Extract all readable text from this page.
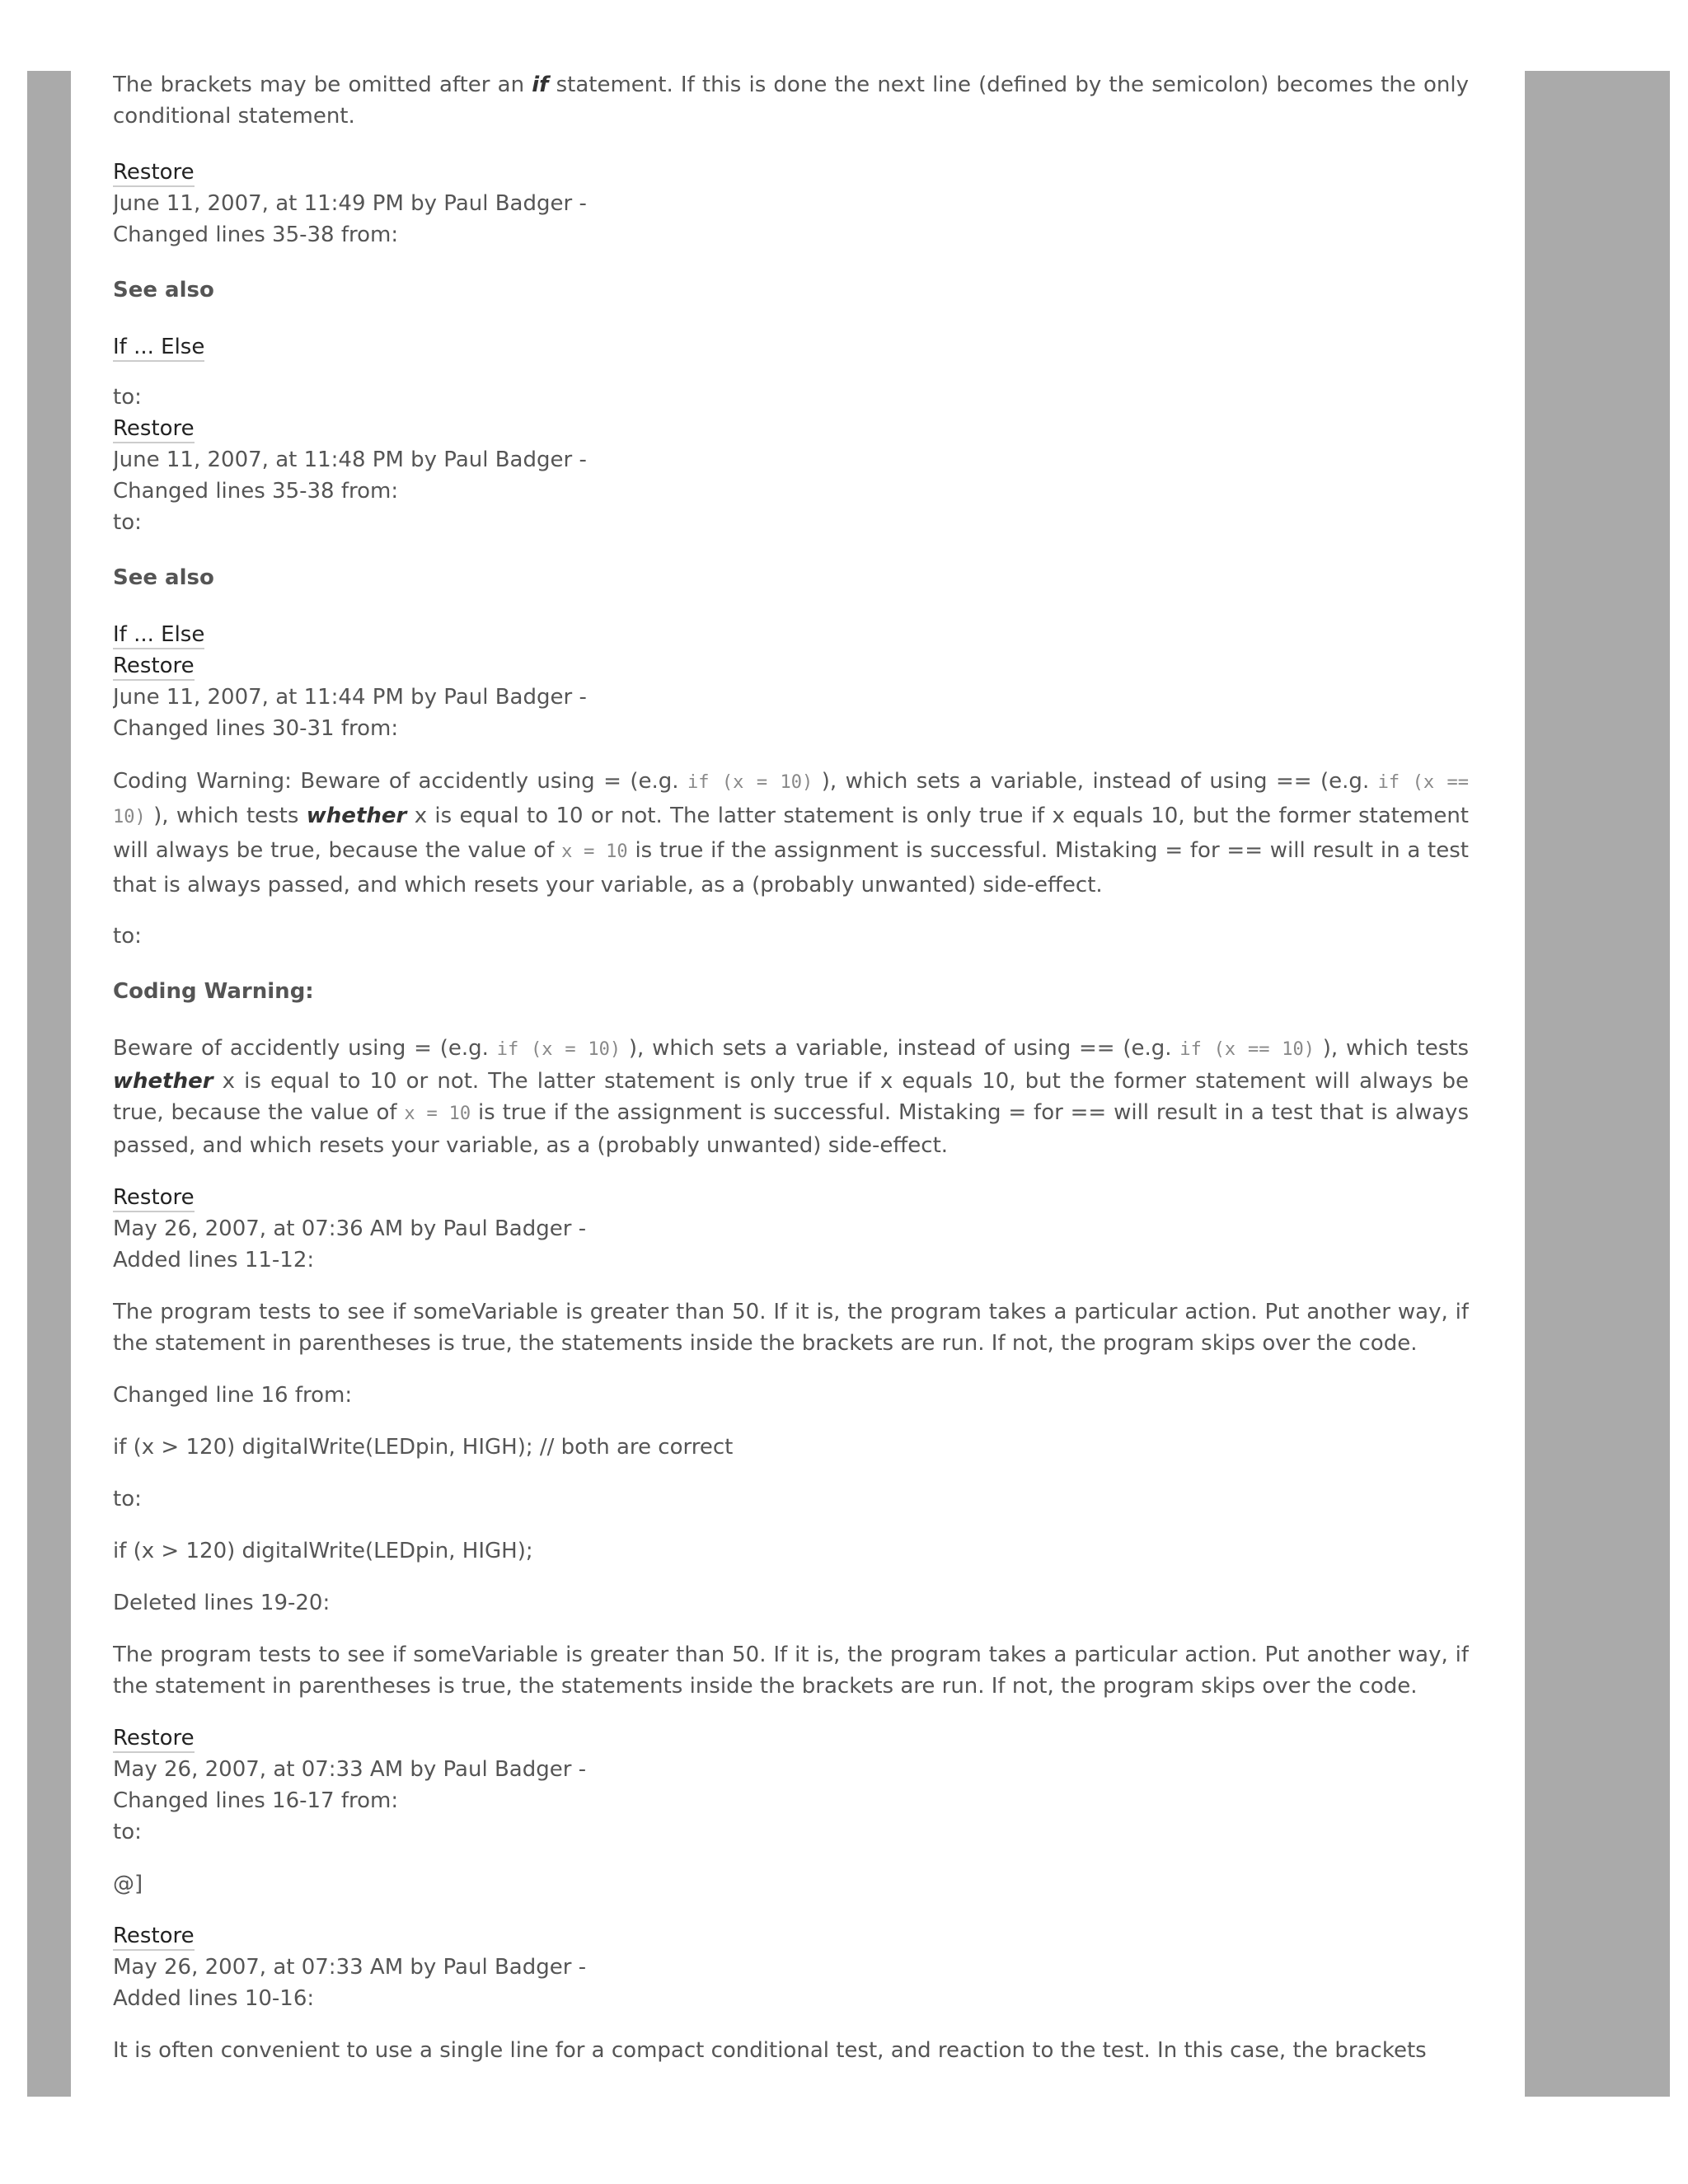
The brackets may be omitted after an if statement. If this is done the next line (defined by the semicolon) becomes the only conditional statement.

Restore
June 11, 2007, at 11:49 PM by Paul Badger -
Changed lines 35-38 from:
See also
If ... Else
to:
Restore
June 11, 2007, at 11:48 PM by Paul Badger -
Changed lines 35-38 from:
to:
See also
If ... Else
Restore
June 11, 2007, at 11:44 PM by Paul Badger -
Changed lines 30-31 from:

Coding Warning: Beware of accidently using = (e.g. if (x = 10) ), which sets a variable, instead of using == (e.g. if (x == 10) ), which tests whether x is equal to 10 or not. The latter statement is only true if x equals 10, but the former statement will always be true, because the value of x = 10 is true if the assignment is successful. Mistaking = for == will result in a test that is always passed, and which resets your variable, as a (probably unwanted) side-effect.

to:
Coding Warning:

Beware of accidently using = (e.g. if (x = 10) ), which sets a variable, instead of using == (e.g. if (x == 10) ), which tests whether x is equal to 10 or not. The latter statement is only true if x equals 10, but the former statement will always be true, because the value of x = 10 is true if the assignment is successful. Mistaking = for == will result in a test that is always passed, and which resets your variable, as a (probably unwanted) side-effect.

Restore
May 26, 2007, at 07:36 AM by Paul Badger -
Added lines 11-12:

The program tests to see if someVariable is greater than 50. If it is, the program takes a particular action. Put another way, if the statement in parentheses is true, the statements inside the brackets are run. If not, the program skips over the code.

Changed line 16 from:
if (x > 120) digitalWrite(LEDpin, HIGH); // both are correct
to:
if (x > 120) digitalWrite(LEDpin, HIGH);
Deleted lines 19-20:

The program tests to see if someVariable is greater than 50. If it is, the program takes a particular action. Put another way, if the statement in parentheses is true, the statements inside the brackets are run. If not, the program skips over the code.

Restore
May 26, 2007, at 07:33 AM by Paul Badger -
Changed lines 16-17 from:
to:
@]
Restore
May 26, 2007, at 07:33 AM by Paul Badger -
Added lines 10-16:

It is often convenient to use a single line for a compact conditional test, and reaction to the test. In this case, the brackets
